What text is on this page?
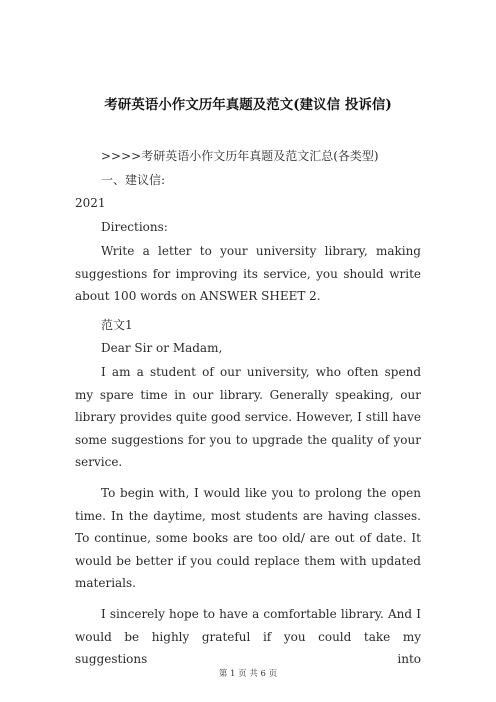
考研英语小作文历年真题及范文(建议信 投诉信)
>>>>考研英语小作文历年真题及范文汇总(各类型)
一、建议信:
2021
Directions:
Write a letter to your university library, making suggestions for improving its service, you should write about 100 words on ANSWER SHEET 2.
范文1
Dear Sir or Madam,
I am a student of our university, who often spend my spare time in our library. Generally speaking, our library provides quite good service. However, I still have some suggestions for you to upgrade the quality of your service.
To begin with, I would like you to prolong the open time. In the daytime, most students are having classes. To continue, some books are too old/ are out of date. It would be better if you could replace them with updated materials.
I sincerely hope to have a comfortable library. And I would be highly grateful if you could take my suggestions into
第 1 页 共 6 页
